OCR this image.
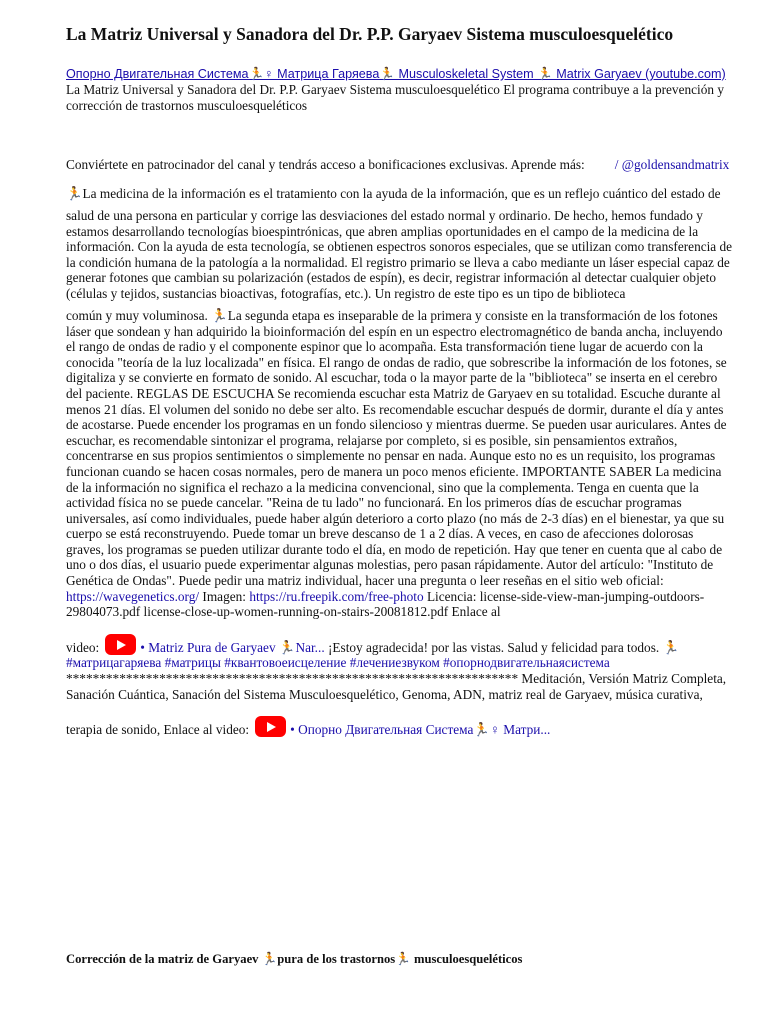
La Matriz Universal y Sanadora del Dr. P.P. Garyaev Sistema musculoesquelético

Опорно Двигательная Система🏃♀ Матрица Гаряева🏃 Musculoskeletal System 🏃 Matrix Garyaev (youtube.com) La Matriz Universal y Sanadora del Dr. P.P. Garyaev Sistema musculoesquelético El programa contribuye a la prevención y corrección de trastornos musculoesqueléticos

Conviértete en patrocinador del canal y tendrás acceso a bonificaciones exclusivas. Aprende más: / @goldensandmatrix

🏃La medicina de la información es el tratamiento con la ayuda de la información, que es un reflejo cuántico del estado de salud de una persona en particular y corrige las desviaciones del estado normal y ordinario. De hecho, hemos fundado y estamos desarrollando tecnologías bioespintrónicas, que abren amplias oportunidades en el campo de la medicina de la información. Con la ayuda de esta tecnología, se obtienen espectros sonoros especiales, que se utilizan como transferencia de la condición humana de la patología a la normalidad. El registro primario se lleva a cabo mediante un láser especial capaz de generar fotones que cambian su polarización (estados de espín), es decir, registrar información al detectar cualquier objeto (células y tejidos, sustancias bioactivas, fotografías, etc.). Un registro de este tipo es un tipo de biblioteca común y muy voluminosa. 🏃La segunda etapa es inseparable de la primera y consiste en la transformación de los fotones láser que sondean y han adquirido la bioinformación del espín en un espectro electromagnético de banda ancha, incluyendo el rango de ondas de radio y el componente espinor que lo acompaña. Esta transformación tiene lugar de acuerdo con la conocida "teoría de la luz localizada" en física. El rango de ondas de radio, que sobrescribe la información de los fotones, se digitaliza y se convierte en formato de sonido. Al escuchar, toda o la mayor parte de la "biblioteca" se inserta en el cerebro del paciente. REGLAS DE ESCUCHA Se recomienda escuchar esta Matriz de Garyaev en su totalidad. Escuche durante al menos 21 días. El volumen del sonido no debe ser alto. Es recomendable escuchar después de dormir, durante el día y antes de acostarse. Puede encender los programas en un fondo silencioso y mientras duerme. Se pueden usar auriculares. Antes de escuchar, es recomendable sintonizar el programa, relajarse por completo, si es posible, sin pensamientos extraños, concentrarse en sus propios sentimientos o simplemente no pensar en nada. Aunque esto no es un requisito, los programas funcionan cuando se hacen cosas normales, pero de manera un poco menos eficiente. IMPORTANTE SABER La medicina de la información no significa el rechazo a la medicina convencional, sino que la complementa. Tenga en cuenta que la actividad física no se puede cancelar. "Reina de tu lado" no funcionará. En los primeros días de escuchar programas universales, así como individuales, puede haber algún deterioro a corto plazo (no más de 2-3 días) en el bienestar, ya que su cuerpo se está reconstruyendo. Puede tomar un breve descanso de 1 a 2 días. A veces, en caso de afecciones dolorosas graves, los programas se pueden utilizar durante todo el día, en modo de repetición. Hay que tener en cuenta que al cabo de uno o dos días, el usuario puede experimentar algunas molestias, pero pasan rápidamente. Autor del artículo: "Instituto de Genética de Ondas". Puede pedir una matriz individual, hacer una pregunta o leer reseñas en el sitio web oficial: https://wavegenetics.org/ Imagen: https://ru.freepik.com/free-photo Licencia: license-side-view-man-jumping-outdoors-29804073.pdf license-close-up-women-running-on-stairs-20081812.pdf Enlace al
video:	• Matriz Pura de Garyaev 🏃Nar... ¡Estoy agradecida! por las vistas. Salud y felicidad para todos. 🏃
#матрицагаряева #матрицы #квантовоеисцеление #лечениезвуком #опорнодвигательнаясистема
******************************************************************** Meditación, Versión Matriz Completa, Sanación Cuántica, Sanación del Sistema Musculoesquelético, Genoma, ADN, matriz real de Garyaev, música curativa,
terapia de sonido, Enlace al video:	• Опорно Двигательная Система🏃♀ Матри...

Corrección de la matriz de Garyaev 🏃pura de los trastornos🏃 musculoesqueléticos
